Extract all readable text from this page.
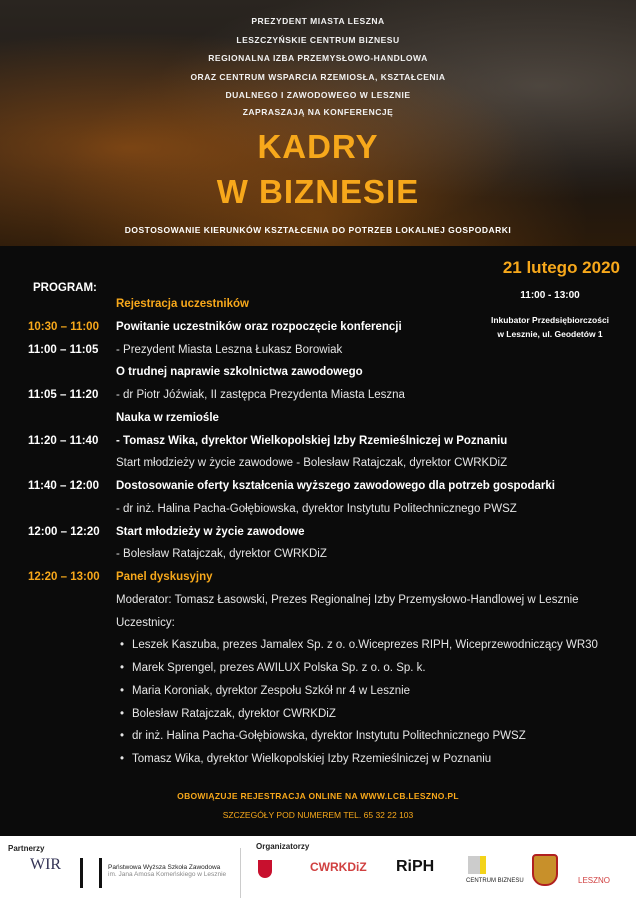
PREZYDENT MIASTA LESZNA
LESZCZYŃSKIE CENTRUM BIZNESU
REGIONALNA IZBA PRZEMYSŁOWO-HANDLOWA
ORAZ CENTRUM WSPARCIA RZEMIOSŁA, KSZTAŁCENIA
DUALNEGO I ZAWODOWEGO W LESZNIE
ZAPRASZAJĄ NA KONFERENCJĘ
KADRY
W BIZNESIE
DOSTOSOWANIE KIERUNKÓW KSZTAŁCENIA DO POTRZEB LOKALNEJ GOSPODARKI
PROGRAM:
21 lutego 2020
11:00 - 13:00
Inkubator Przedsiębiorczości
w Lesznie, ul. Geodetów 1
Rejestracja uczestników
10:30 – 11:00	Powitanie uczestników oraz rozpoczęcie konferencji
11:00 – 11:05	- Prezydent Miasta Leszna Łukasz Borowiak
O trudnej naprawie szkolnictwa zawodowego
11:05 – 11:20	- dr Piotr Jóźwiak, II zastępca Prezydenta Miasta Leszna
Nauka w rzemiośle
11:20 – 11:40	- Tomasz Wika, dyrektor Wielkopolskiej Izby Rzemieślniczej w Poznaniu
Start młodzieży w życie zawodowe - Bolesław Ratajczak, dyrektor CWRKDiZ
11:40 – 12:00	Dostosowanie oferty kształcenia wyższego zawodowego dla potrzeb gospodarki
- dr inż. Halina Pacha-Gołębiowska, dyrektor Instytutu Politechnicznego PWSZ
12:00 – 12:20	Start młodzieży w życie zawodowe
- Bolesław Ratajczak, dyrektor CWRKDiZ
12:20 – 13:00	Panel dyskusyjny
Moderator: Tomasz Łasowski, Prezes Regionalnej Izby Przemysłowo-Handlowej w Lesznie
Uczestnicy:
• Leszek Kaszuba, prezes Jamalex Sp. z o. o.Wiceprezes RIPH, Wiceprzewodniczący WR30
• Marek Sprengel, prezes AWILUX Polska Sp. z o. o. Sp. k.
• Maria Koroniak, dyrektor Zespołu Szkół nr 4 w Lesznie
• Bolesław Ratajczak, dyrektor CWRKDiZ
• dr inż. Halina Pacha-Gołębiowska, dyrektor Instytutu Politechnicznego PWSZ
• Tomasz Wika, dyrektor Wielkopolskiej Izby Rzemieślniczej w Poznaniu
OBOWIĄZUJE REJESTRACJA ONLINE NA WWW.LCB.LESZNO.PL
SZCZEGÓŁY POD NUMEREM TEL. 65 32 22 103
Partnerzy	Organizatorzy
WIR	Państwowa Wyższa Szkoła Zawodowa
im. Jana Amosa Komeńskiego w Lesznie
CWRKDiZ RiPH
CENTRUM BIZNESU	LESZNO
